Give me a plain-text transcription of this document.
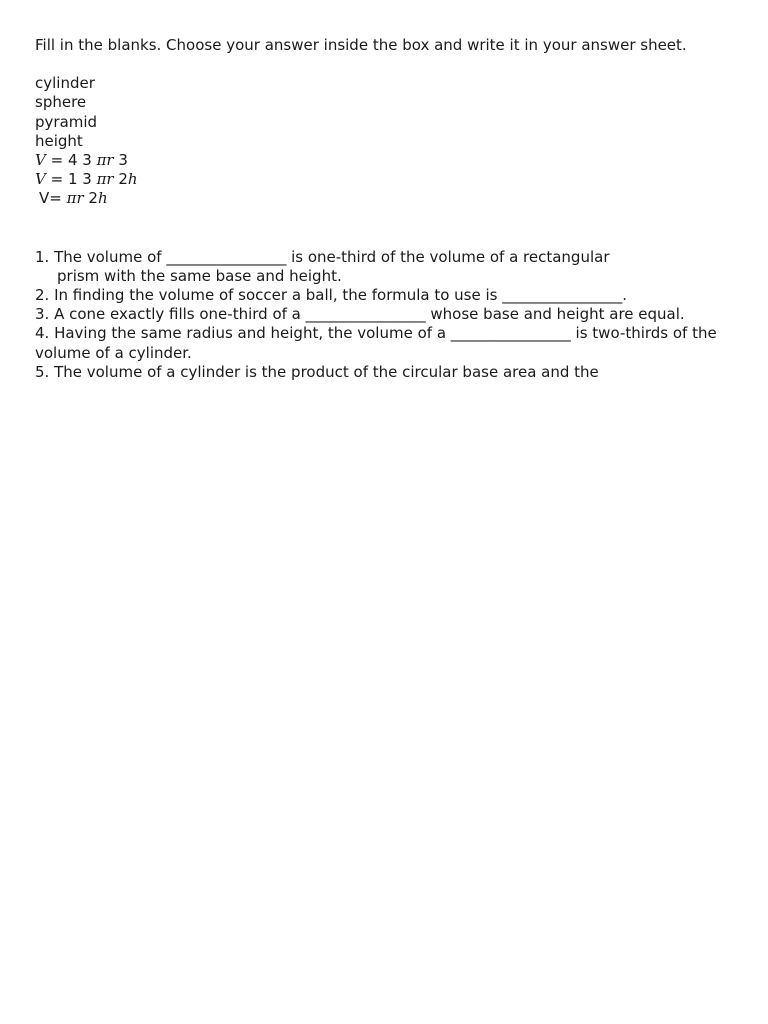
Fill in the blanks. Choose your answer inside the box and write it in your answer sheet.

cylinder
sphere
pyramid
height
V = 4 3 πr 3
V = 1 3 πr 2h
V= πr 2h
1. The volume of ________________ is one-third of the volume of a rectangular
prism with the same base and height.
2. In finding the volume of soccer a ball, the formula to use is ________________.
3. A cone exactly fills one-third of a ________________ whose base and height are equal.
4. Having the same radius and height, the volume of a ________________ is two-thirds of the volume of a cylinder.
5. The volume of a cylinder is the product of the circular base area and the
